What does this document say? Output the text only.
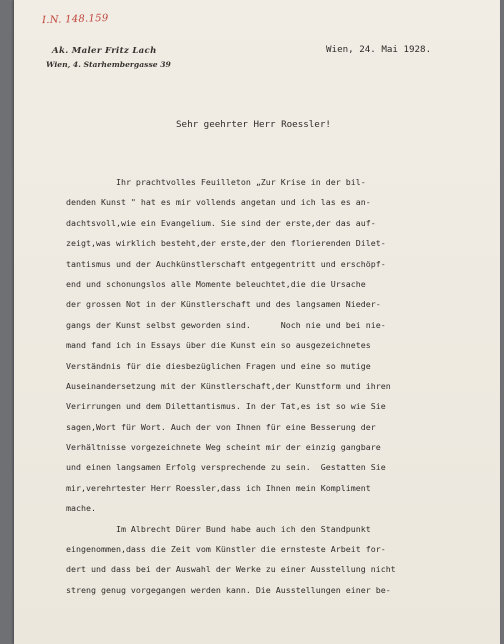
I.N. 148.159
Ak. Maler Fritz Lach
Wien, 4. Starhembergasse 39
Wien, 24. Mai 1928.
Sehr geehrter Herr Roessler!
Ihr prachtvolles Feuilleton „Zur Krise in der bil-
denden Kunst " hat es mir vollends angetan und ich las es an-
dachtsvoll,wie ein Evangelium. Sie sind der erste,der das auf-
zeigt,was wirklich besteht,der erste,der den florierenden Dilet-
tantismus und der Auchkünstlerschaft entgegentritt und erschöpf-
end und schonungslos alle Momente beleuchtet,die die Ursache
der grossen Not in der Künstlerschaft und des langsamen Nieder-
gangs der Kunst selbst geworden sind.      Noch nie und bei nie-
mand fand ich in Essays über die Kunst ein so ausgezeichnetes
Verständnis für die diesbezüglichen Fragen und eine so mutige
Auseinandersetzung mit der Künstlerschaft,der Kunstform und ihren
Verirrungen und dem Dilettantismus. In der Tat,es ist so wie Sie
sagen,Wort für Wort. Auch der von Ihnen für eine Besserung der
Verhältnisse vorgezeichnete Weg scheint mir der einzig gangbare
und einen langsamen Erfolg versprechende zu sein.  Gestatten Sie
mir,verehrtester Herr Roessler,dass ich Ihnen mein Kompliment
mache.
Im Albrecht Dürer Bund habe auch ich den Standpunkt
eingenommen,dass die Zeit vom Künstler die ernsteste Arbeit for-
dert und dass bei der Auswahl der Werke zu einer Ausstellung nicht
streng genug vorgegangen werden kann. Die Ausstellungen einer be-
